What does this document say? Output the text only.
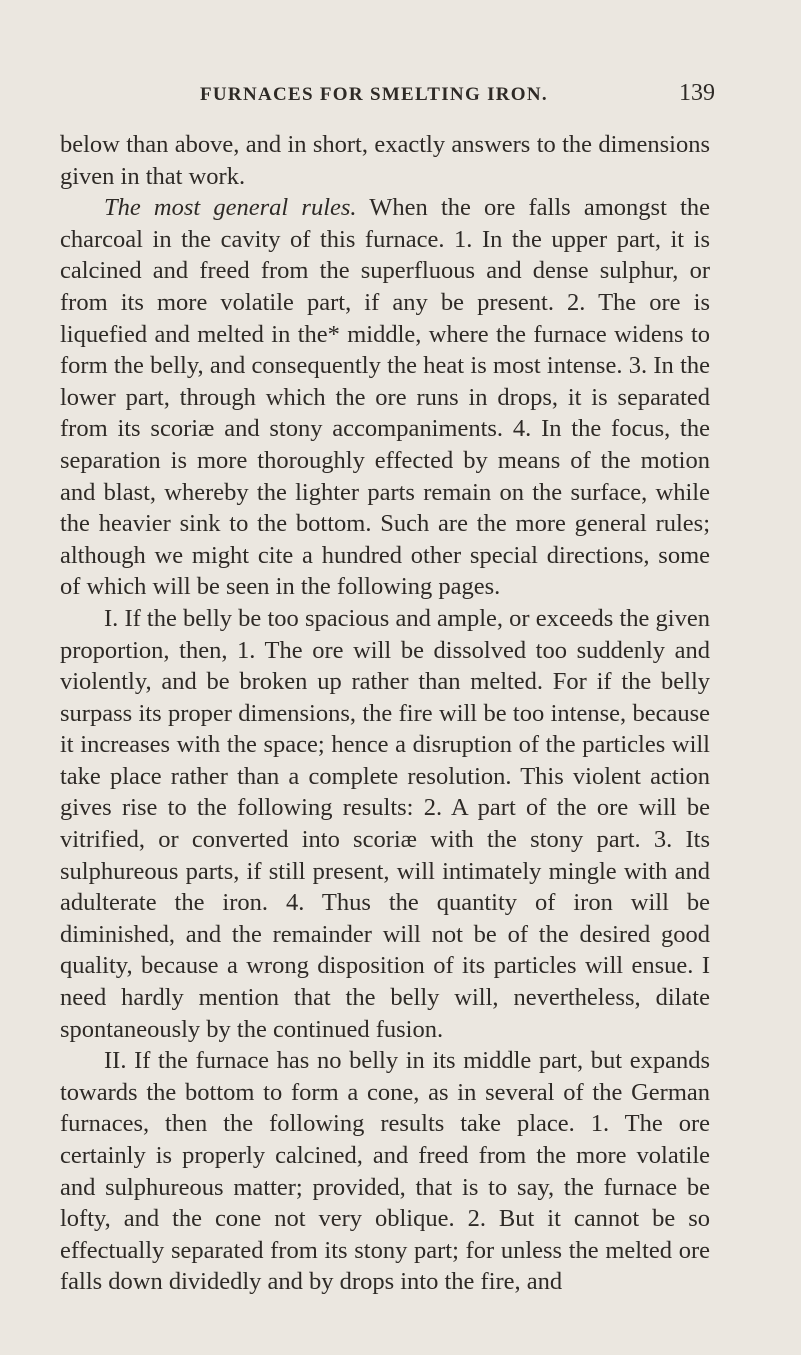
FURNACES FOR SMELTING IRON.	139

below than above, and in short, exactly answers to the dimensions given in that work.

The most general rules. When the ore falls amongst the charcoal in the cavity of this furnace. 1. In the upper part, it is calcined and freed from the superfluous and dense sulphur, or from its more volatile part, if any be present. 2. The ore is liquefied and melted in the* middle, where the furnace widens to form the belly, and consequently the heat is most intense. 3. In the lower part, through which the ore runs in drops, it is separated from its scoriæ and stony accompaniments. 4. In the focus, the separation is more thoroughly effected by means of the motion and blast, whereby the lighter parts remain on the surface, while the heavier sink to the bottom. Such are the more general rules; although we might cite a hundred other special directions, some of which will be seen in the following pages.

I. If the belly be too spacious and ample, or exceeds the given proportion, then, 1. The ore will be dissolved too suddenly and violently, and be broken up rather than melted. For if the belly surpass its proper dimensions, the fire will be too intense, because it increases with the space; hence a disruption of the particles will take place rather than a complete resolution. This violent action gives rise to the following results: 2. A part of the ore will be vitrified, or converted into scoriæ with the stony part. 3. Its sulphureous parts, if still present, will intimately mingle with and adulterate the iron. 4. Thus the quantity of iron will be diminished, and the remainder will not be of the desired good quality, because a wrong disposition of its particles will ensue. I need hardly mention that the belly will, nevertheless, dilate spontaneously by the continued fusion.

II. If the furnace has no belly in its middle part, but expands towards the bottom to form a cone, as in several of the German furnaces, then the following results take place. 1. The ore certainly is properly calcined, and freed from the more volatile and sulphureous matter; provided, that is to say, the furnace be lofty, and the cone not very oblique. 2. But it cannot be so effectually separated from its stony part; for unless the melted ore falls down dividedly and by drops into the fire, and
